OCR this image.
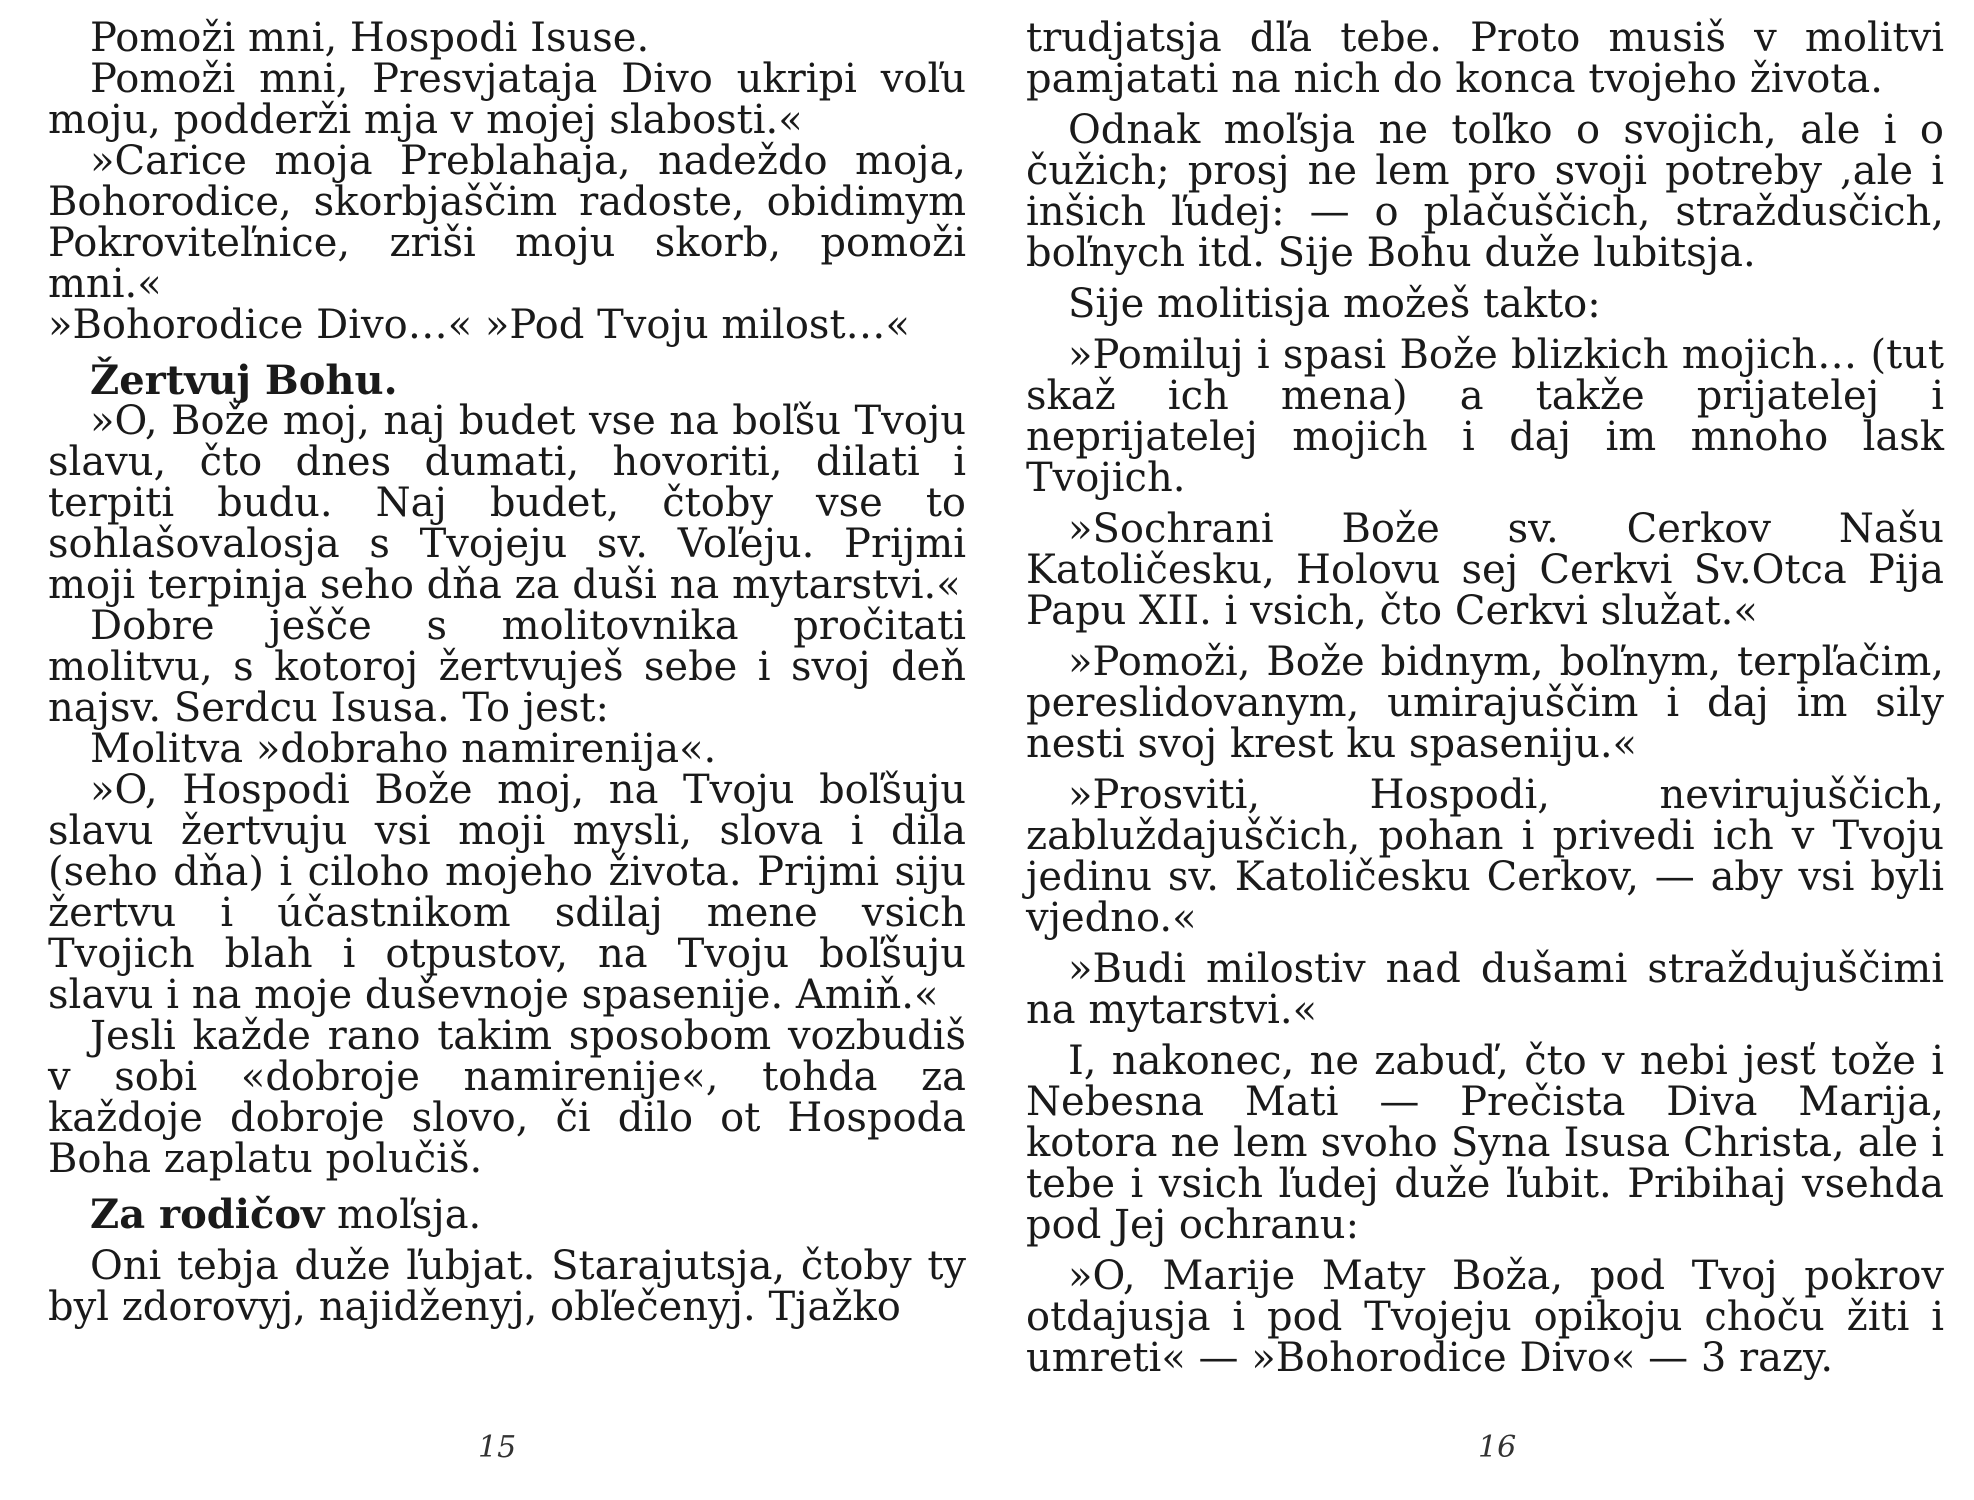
Pomoži mni, Hospodi Isuse.

Pomoži mni, Presvjataja Divo ukripi voľu moju, podderži mja v mojej slabosti.«

»Carice moja Preblahaja, nadeždo moja, Bohorodice, skorbjaščim radoste, obidimym Pokroviteľnice, zriši moju skorb, pomoži mni.«

»Bohorodice Divo…« »Pod Tvoju milost…«

Žertvuj Bohu.

»O, Bože moj, naj budet vse na boľšu Tvoju slavu, čto dnes dumati, hovoriti, dilati i terpiti budu. Naj budet, čtoby vse to sohlašovalosja s Tvojeju sv. Voľeju. Prijmi moji terpinja seho dňa za duši na mytarstvi.«

Dobre ješče s molitovnika pročitati molitvu, s kotoroj žertvuješ sebe i svoj deň najsv. Serdcu Isusa. To jest:

Molitva »dobraho namirenija«.

»O, Hospodi Bože moj, na Tvoju boľšuju slavu žertvuju vsi moji mysli, slova i dila (seho dňa) i ciloho mojeho života. Prijmi siju žertvu i účastnikom sdilaj mene vsich Tvojich blah i otpustov, na Tvoju boľšuju slavu i na moje duševnoje spasenije. Amiň.«

Jesli každe rano takim sposobom vozbudiš v sobi «dobroje namirenije«, tohda za každoje dobroje slovo, či dilo ot Hospoda Boha zaplatu polučiš.

Za rodičov moľsja.

Oni tebja duže ľubjat. Starajutsja, čtoby ty byl zdorovyj, najidženyj, obľečenyj. Tjažko

trudjatsja dľa tebe. Proto musiš v molitvi pamjatati na nich do konca tvojeho života.

Odnak moľsja ne toľko o svojich, ale i o čužich; prosj ne lem pro svoji potreby ,ale i inšich ľudej: — o plačuščich, straždusčich, boľnych itd. Sije Bohu duže lubitsja.

Sije molitisja možeš takto:

»Pomiluj i spasi Bože blizkich mojich… (tut skaž ich mena) a takže prijatelej i neprijatelej mojich i daj im mnoho lask Tvojich.

»Sochrani Bože sv. Cerkov Našu Katoličesku, Holovu sej Cerkvi Sv.Otca Pija Papu XII. i vsich, čto Cerkvi služat.«

»Pomoži, Bože bidnym, boľnym, terpľačim, pereslidovanym, umirajuščim i daj im sily nesti svoj krest ku spaseniju.«

»Prosviti, Hospodi, nevirujuščich, zabluždajuščich, pohan i privedi ich v Tvoju jedinu sv. Katoličesku Cerkov, — aby vsi byli vjedno.«

»Budi milostiv nad dušami straždujuščimi na mytarstvi.«

I, nakonec, ne zabuď, čto v nebi jesť tože i Nebesna Mati — Prečista Diva Marija, kotora ne lem svoho Syna Isusa Christa, ale i tebe i vsich ľudej duže ľubit. Pribihaj vsehda pod Jej ochranu:

»O, Marije Maty Boža, pod Tvoj pokrov otdajusja i pod Tvojeju opikoju choču žiti i umreti« — »Bohorodice Divo« — 3 razy.

15	16
